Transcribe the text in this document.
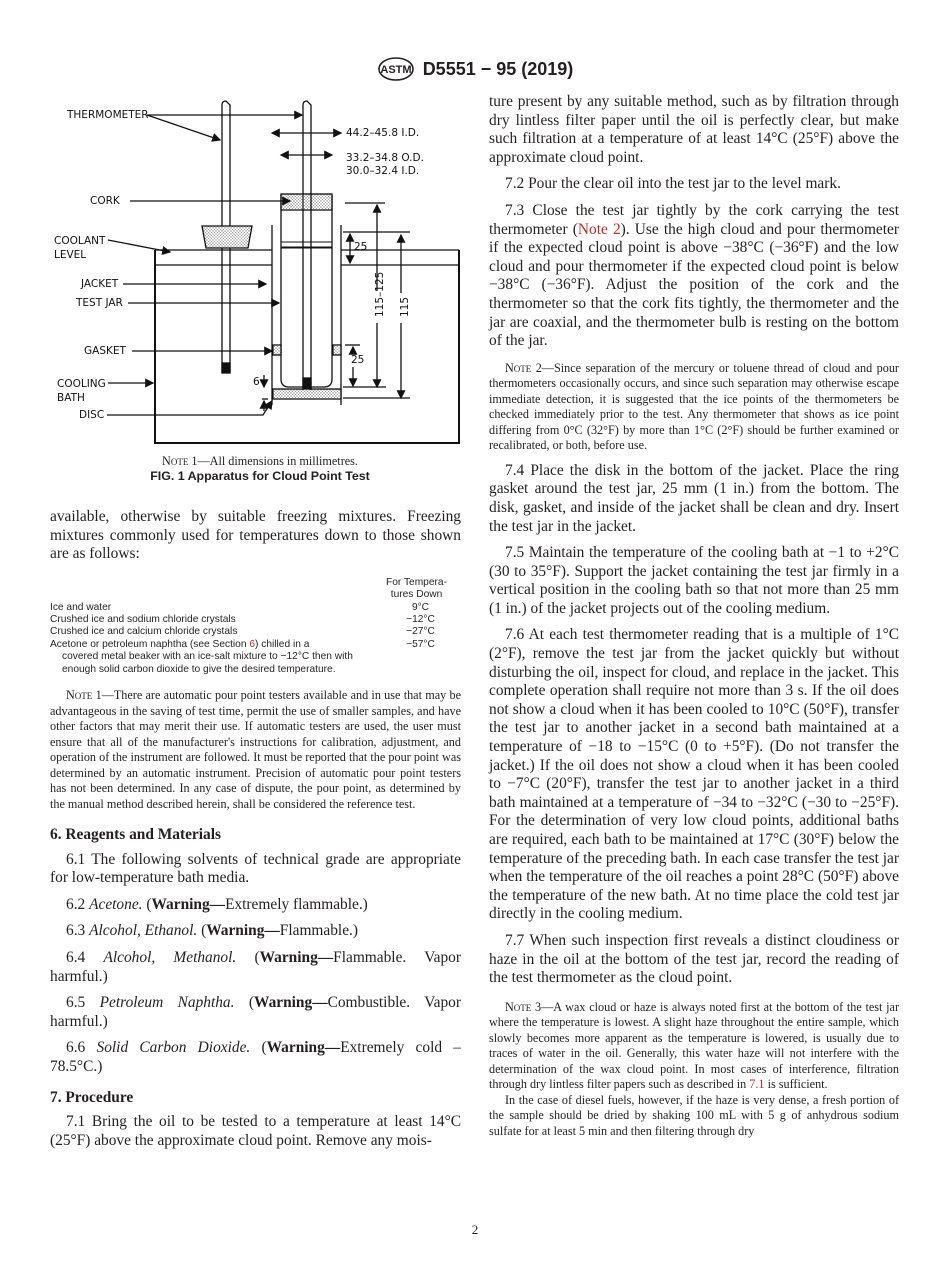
ASTM D5551 − 95 (2019)
THERMOMETER
CORK
COOLANT
LEVEL
JACKET
TEST JAR
GASKET
COOLING
BATH
DISC
44.2–45.8 I.D.
33.2–34.8 O.D.
30.0–32.4 I.D.
25
25
6
115–125 115
Note 1—All dimensions in millimetres.
FIG. 1 Apparatus for Cloud Point Test

available, otherwise by suitable freezing mixtures. Freezing mixtures commonly used for temperatures down to those shown are as follows:

For Tempera-
tures Down
Ice and water	9°C
Crushed ice and sodium chloride crystals	−12°C
Crushed ice and calcium chloride crystals	−27°C
Acetone or petroleum naphtha (see Section 6) chilled in a	−57°C
covered metal beaker with an ice-salt mixture to −12°C then with enough solid carbon dioxide to give the desired temperature.

Note 1—There are automatic pour point testers available and in use that may be advantageous in the saving of test time, permit the use of smaller samples, and have other factors that may merit their use. If automatic testers are used, the user must ensure that all of the manufacturer's instructions for calibration, adjustment, and operation of the instrument are followed. It must be reported that the pour point was determined by an automatic instrument. Precision of automatic pour point testers has not been determined. In any case of dispute, the pour point, as determined by the manual method described herein, shall be considered the reference test.

6. Reagents and Materials

6.1 The following solvents of technical grade are appropriate for low-temperature bath media.

6.2 Acetone. (Warning—Extremely flammable.)

6.3 Alcohol, Ethanol. (Warning—Flammable.)

6.4 Alcohol, Methanol. (Warning—Flammable. Vapor harmful.)

6.5 Petroleum Naphtha. (Warning—Combustible. Vapor harmful.)

6.6 Solid Carbon Dioxide. (Warning—Extremely cold – 78.5°C.)

7. Procedure

7.1 Bring the oil to be tested to a temperature at least 14°C (25°F) above the approximate cloud point. Remove any mois-

ture present by any suitable method, such as by filtration through dry lintless filter paper until the oil is perfectly clear, but make such filtration at a temperature of at least 14°C (25°F) above the approximate cloud point.

7.2 Pour the clear oil into the test jar to the level mark.

7.3 Close the test jar tightly by the cork carrying the test thermometer (Note 2). Use the high cloud and pour thermometer if the expected cloud point is above −38°C (−36°F) and the low cloud and pour thermometer if the expected cloud point is below −38°C (−36°F). Adjust the position of the cork and the thermometer so that the cork fits tightly, the thermometer and the jar are coaxial, and the thermometer bulb is resting on the bottom of the jar.

Note 2—Since separation of the mercury or toluene thread of cloud and pour thermometers occasionally occurs, and since such separation may otherwise escape immediate detection, it is suggested that the ice points of the thermometers be checked immediately prior to the test. Any thermometer that shows as ice point differing from 0°C (32°F) by more than 1°C (2°F) should be further examined or recalibrated, or both, before use.

7.4 Place the disk in the bottom of the jacket. Place the ring gasket around the test jar, 25 mm (1 in.) from the bottom. The disk, gasket, and inside of the jacket shall be clean and dry. Insert the test jar in the jacket.

7.5 Maintain the temperature of the cooling bath at −1 to +2°C (30 to 35°F). Support the jacket containing the test jar firmly in a vertical position in the cooling bath so that not more than 25 mm (1 in.) of the jacket projects out of the cooling medium.

7.6 At each test thermometer reading that is a multiple of 1°C (2°F), remove the test jar from the jacket quickly but without disturbing the oil, inspect for cloud, and replace in the jacket. This complete operation shall require not more than 3 s. If the oil does not show a cloud when it has been cooled to 10°C (50°F), transfer the test jar to another jacket in a second bath maintained at a temperature of −18 to −15°C (0 to +5°F). (Do not transfer the jacket.) If the oil does not show a cloud when it has been cooled to −7°C (20°F), transfer the test jar to another jacket in a third bath maintained at a temperature of −34 to −32°C (−30 to −25°F). For the determination of very low cloud points, additional baths are required, each bath to be maintained at 17°C (30°F) below the temperature of the preceding bath. In each case transfer the test jar when the temperature of the oil reaches a point 28°C (50°F) above the temperature of the new bath. At no time place the cold test jar directly in the cooling medium.

7.7 When such inspection first reveals a distinct cloudiness or haze in the oil at the bottom of the test jar, record the reading of the test thermometer as the cloud point.

Note 3—A wax cloud or haze is always noted first at the bottom of the test jar where the temperature is lowest. A slight haze throughout the entire sample, which slowly becomes more apparent as the temperature is lowered, is usually due to traces of water in the oil. Generally, this water haze will not interfere with the determination of the wax cloud point. In most cases of interference, filtration through dry lintless filter papers such as described in 7.1 is sufficient.

In the case of diesel fuels, however, if the haze is very dense, a fresh portion of the sample should be dried by shaking 100 mL with 5 g of anhydrous sodium sulfate for at least 5 min and then filtering through dry

2
